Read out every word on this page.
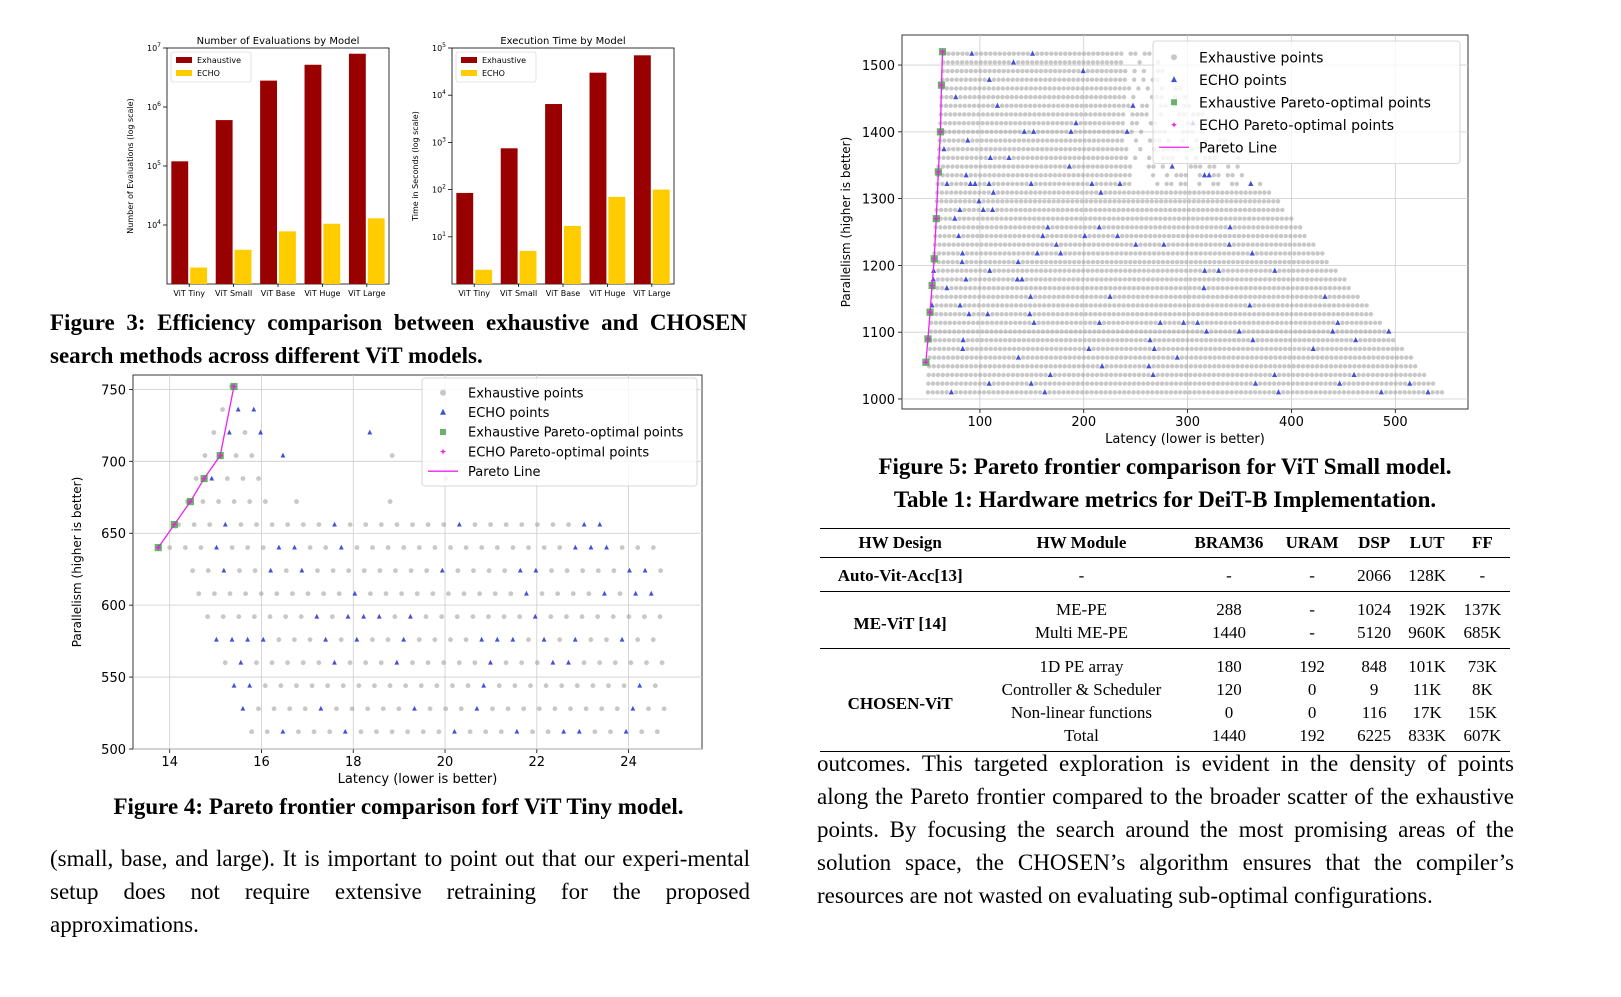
Number of Evaluations by Model
$10^4$
$10^5$
$10^6$
$10^7$
Number of Evaluations (log scale)
ViT Tiny ViT Small ViT Base ViT Huge ViT Large
Exhaustive
ECHO
Execution Time by Model
$10^1$
$10^2$
$10^3$
$10^4$
$10^5$
Time in Seconds (log scale)
ViT Tiny ViT Small ViT Base ViT Huge ViT Large
Exhaustive
ECHO
Figure 3: Efficiency comparison between exhaustive and CHOSEN search methods across different ViT models.
14	16	18	20	22	24
500
550
600
650
700
750
Latency (lower is better)
Parallelism (higher is better)
Exhaustive points
ECHO points
Exhaustive Pareto-optimal points
ECHO Pareto-optimal points
Pareto Line
Figure 4: Pareto frontier comparison forf ViT Tiny model.
(small, base, and large). It is important to point out that our experi-mental setup does not require extensive retraining for the proposed approximations.
100	200	300	400	500
1000
1100
1200
1300
1400
1500
Latency (lower is better)
Parallelism (higher is better)
Exhaustive points
ECHO points
Exhaustive Pareto-optimal points
ECHO Pareto-optimal points
Pareto Line
Figure 5: Pareto frontier comparison for ViT Small model.
Table 1: Hardware metrics for DeiT-B Implementation.
HW Design	HW Module	BRAM36	URAM	DSP	LUT	FF
Auto-Vit-Acc[13]	-	-	-	2066	128K	-
ME-ViT [14]	ME-PE	288	-	1024	192K	137K
	Multi ME-PE	1440	-	5120	960K	685K
CHOSEN-ViT	1D PE array	180	192	848	101K	73K
	Controller & Scheduler	120	0	9	11K	8K
	Non-linear functions	0	0	116	17K	15K
	Total	1440	192	6225	833K	607K
outcomes. This targeted exploration is evident in the density of points along the Pareto frontier compared to the broader scatter of the exhaustive points. By focusing the search around the most promising areas of the solution space, the CHOSEN’s algorithm ensures that the compiler’s resources are not wasted on evaluating sub-optimal configurations.
